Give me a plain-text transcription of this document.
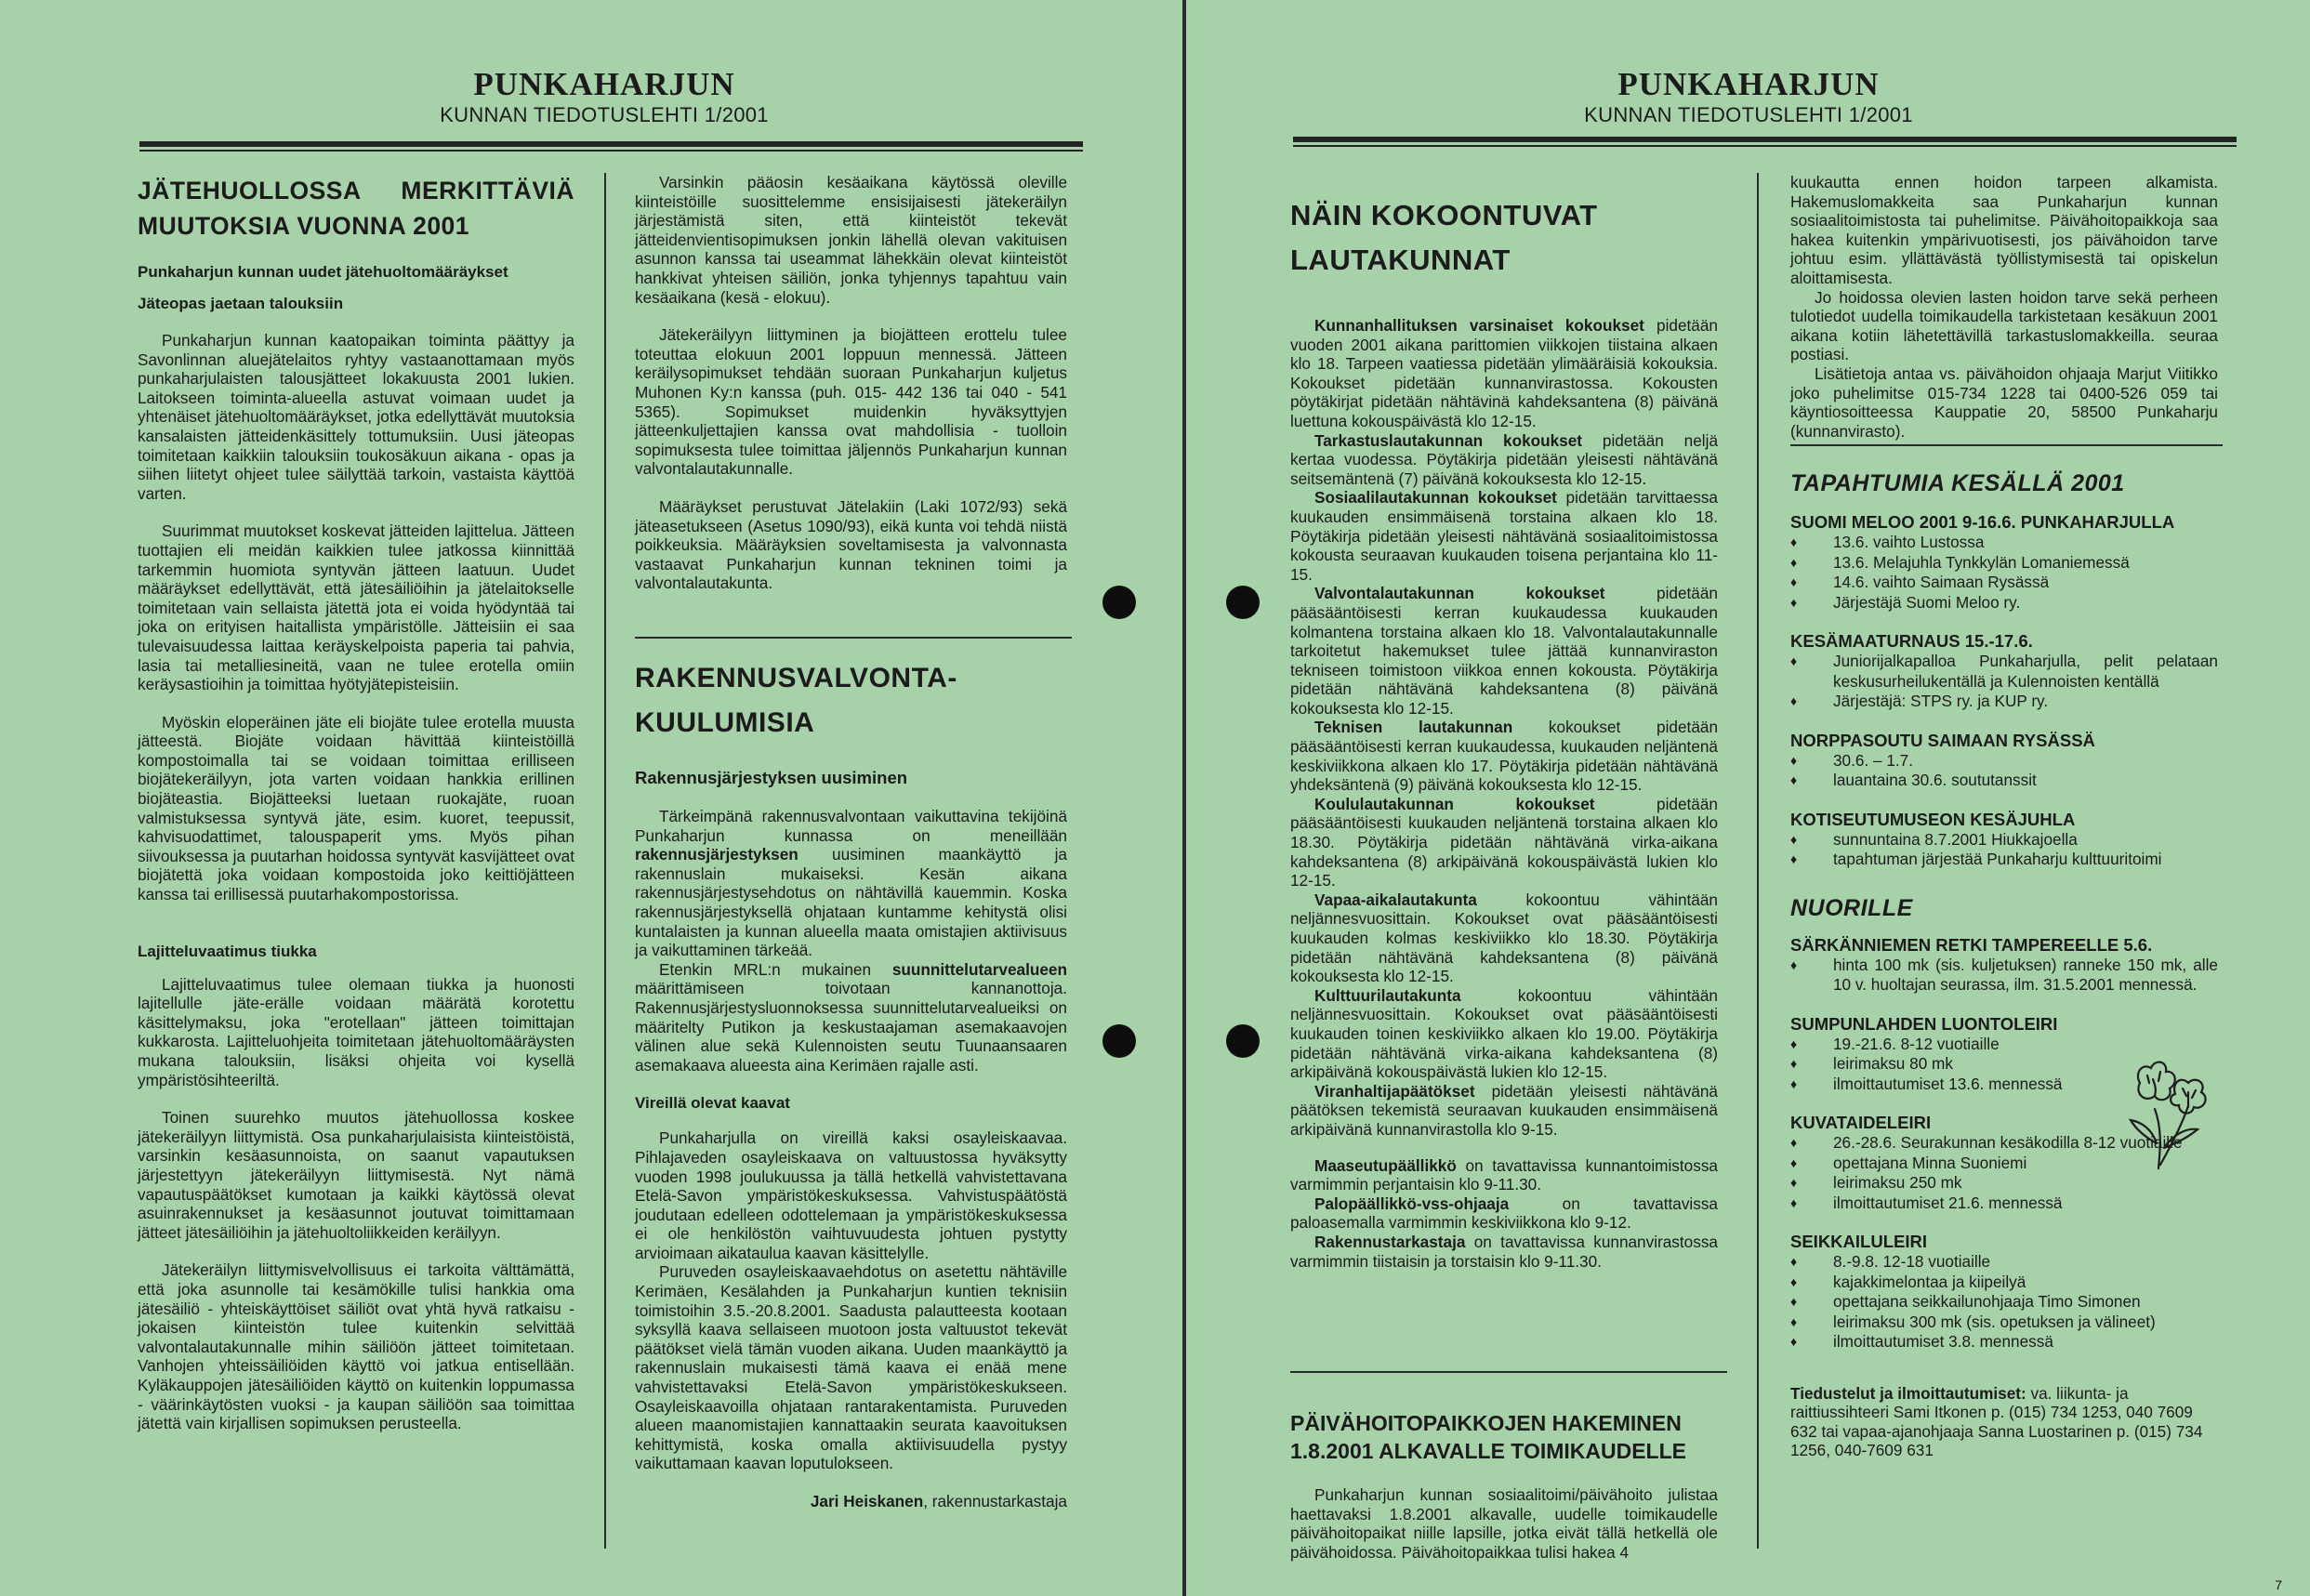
PUNKAHARJUN
KUNNAN TIEDOTUSLEHTI 1/2001
JÄTEHUOLLOSSA MERKITTÄVIÄ MUUTOKSIA VUONNA 2001

Punkaharjun kunnan uudet jätehuoltomääräykset

Jäteopas jaetaan talouksiin

Punkaharjun kunnan kaatopaikan toiminta päättyy ja Savonlinnan aluejätelaitos ryhtyy vastaanottamaan myös punkaharjulaisten talousjätteet lokakuusta 2001 lukien. Laitokseen toiminta-alueella astuvat voimaan uudet ja yhtenäiset jätehuoltomääräykset, jotka edellyttävät muutoksia kansalaisten jätteidenkäsittely tottumuksiin. Uusi jäteopas toimitetaan kaikkiin talouksiin toukosäkuun aikana - opas ja siihen liitetyt ohjeet tulee säilyttää tarkoin, vastaista käyttöä varten.

Suurimmat muutokset koskevat jätteiden lajittelua. Jätteen tuottajien eli meidän kaikkien tulee jatkossa kiinnittää tarkemmin huomiota syntyvän jätteen laatuun. Uudet määräykset edellyttävät, että jätesäiliöihin ja jätelaitokselle toimitetaan vain sellaista jätettä jota ei voida hyödyntää tai joka on erityisen haitallista ympäristölle. Jätteisiin ei saa tulevaisuudessa laittaa keräyskelpoista paperia tai pahvia, lasia tai metalliesineitä, vaan ne tulee erotella omiin keräysastioihin ja toimittaa hyötyjätepisteisiin.

Myöskin eloperäinen jäte eli biojäte tulee erotella muusta jätteestä. Biojäte voidaan hävittää kiinteistöillä kompostoimalla tai se voidaan toimittaa erilliseen biojätekeräilyyn, jota varten voidaan hankkia erillinen biojäteastia. Biojätteeksi luetaan ruokajäte, ruoan valmistuksessa syntyvä jäte, esim. kuoret, teepussit, kahvisuodattimet, talouspaperit yms. Myös pihan siivouksessa ja puutarhan hoidossa syntyvät kasvijätteet ovat biojätettä joka voidaan kompostoida joko keittiöjätteen kanssa tai erillisessä puutarhakompostorissa.

Lajitteluvaatimus tiukka

Lajitteluvaatimus tulee olemaan tiukka ja huonosti lajitellulle jäte-erälle voidaan määrätä korotettu käsittelymaksu, joka "erotellaan" jätteen toimittajan kukkarosta. Lajitteluohjeita toimitetaan jätehuoltomääräysten mukana talouksiin, lisäksi ohjeita voi kysellä ympäristösihteeriltä.

Toinen suurehko muutos jätehuollossa koskee jätekeräilyyn liittymistä. Osa punkaharjulaisista kiinteistöistä, varsinkin kesäasunnoista, on saanut vapautuksen järjestettyyn jätekeräilyyn liittymisestä. Nyt nämä vapautuspäätökset kumotaan ja kaikki käytössä olevat asuinrakennukset ja kesäasunnot joutuvat toimittamaan jätteet jätesäiliöihin ja jätehuoltoliikkeiden keräilyyn.

Jätekeräilyn liittymisvelvollisuus ei tarkoita välttämättä, että joka asunnolle tai kesämökille tulisi hankkia oma jätesäiliö - yhteiskäyttöiset säiliöt ovat yhtä hyvä ratkaisu - jokaisen kiinteistön tulee kuitenkin selvittää valvontalautakunnalle mihin säiliöön jätteet toimitetaan. Vanhojen yhteissäiliöiden käyttö voi jatkua entisellään. Kyläkauppojen jätesäiliöiden käyttö on kuitenkin loppumassa - väärinkäytösten vuoksi - ja kaupan säiliöön saa toimittaa jätettä vain kirjallisen sopimuksen perusteella.

Varsinkin pääosin kesäaikana käytössä oleville kiinteistöille suosittelemme ensisijaisesti jätekeräilyn järjestämistä siten, että kiinteistöt tekevät jätteidenvientisopimuksen jonkin lähellä olevan vakituisen asunnon kanssa tai useammat lähekkäin olevat kiinteistöt hankkivat yhteisen säiliön, jonka tyhjennys tapahtuu vain kesäaikana (kesä - elokuu).

Jätekeräilyyn liittyminen ja biojätteen erottelu tulee toteuttaa elokuun 2001 loppuun mennessä. Jätteen keräilysopimukset tehdään suoraan Punkaharjun kuljetus Muhonen Ky:n kanssa (puh. 015- 442 136 tai 040 - 541 5365). Sopimukset muidenkin hyväksyttyjen jätteenkuljettajien kanssa ovat mahdollisia - tuolloin sopimuksesta tulee toimittaa jäljennös Punkaharjun kunnan valvontalautakunnalle.

Määräykset perustuvat Jätelakiin (Laki 1072/93) sekä jäteasetukseen (Asetus 1090/93), eikä kunta voi tehdä niistä poikkeuksia. Määräyksien soveltamisesta ja valvonnasta vastaavat Punkaharjun kunnan tekninen toimi ja valvontalautakunta.

RAKENNUSVALVONTA-KUULUMISIA

Rakennusjärjestyksen uusiminen

Tärkeimpänä rakennusvalvontaan vaikuttavina tekijöinä Punkaharjun kunnassa on meneillään rakennusjärjestyksen uusiminen maankäyttö ja rakennuslain mukaiseksi. Kesän aikana rakennusjärjestysehdotus on nähtävillä kauemmin. Koska rakennusjärjestyksellä ohjataan kuntamme kehitystä olisi kuntalaisten ja kunnan alueella maata omistajien aktiivisuus ja vaikuttaminen tärkeää.

Etenkin MRL:n mukainen suunnittelutarvealueen määrittämiseen toivotaan kannanottoja. Rakennusjärjestysluonnoksessa suunnittelutarvealueiksi on määritelty Putikon ja keskustaajaman asemakaavojen välinen alue sekä Kulennoisten seutu Tuunaansaaren asemakaava alueesta aina Kerimäen rajalle asti.

Vireillä olevat kaavat

Punkaharjulla on vireillä kaksi osayleiskaavaa. Pihlajaveden osayleiskaava on valtuustossa hyväksytty vuoden 1998 joulukuussa ja tällä hetkellä vahvistettavana Etelä-Savon ympäristökeskuksessa. Vahvistuspäätöstä joudutaan edelleen odottelemaan ja ympäristökeskuksessa ei ole henkilöstön vaihtuvuudesta johtuen pystytty arvioimaan aikataulua kaavan käsittelylle.

Puruveden osayleiskaavaehdotus on asetettu nähtäville Kerimäen, Kesälahden ja Punkaharjun kuntien teknisiin toimistoihin 3.5.-20.8.2001. Saadusta palautteesta kootaan syksyllä kaava sellaiseen muotoon josta valtuustot tekevät päätökset vielä tämän vuoden aikana. Uuden maankäyttö ja rakennuslain mukaisesti tämä kaava ei enää mene vahvistettavaksi Etelä-Savon ympäristökeskukseen. Osayleiskaavoilla ohjataan rantarakentamista. Puruveden alueen maanomistajien kannattaakin seurata kaavoituksen kehittymistä, koska omalla aktiivisuudella pystyy vaikuttamaan kaavan loputulokseen.

Jari Heiskanen, rakennustarkastaja

PUNKAHARJUN
KUNNAN TIEDOTUSLEHTI 1/2001
NÄIN KOKOONTUVAT LAUTAKUNNAT

Kunnanhallituksen varsinaiset kokoukset pidetään vuoden 2001 aikana parittomien viikkojen tiistaina alkaen klo 18. Tarpeen vaatiessa pidetään ylimääräisiä kokouksia. Kokoukset pidetään kunnanvirastossa. Kokousten pöytäkirjat pidetään nähtävinä kahdeksantena (8) päivänä luettuna kokouspäivästä klo 12-15.

Tarkastuslautakunnan kokoukset pidetään neljä kertaa vuodessa. Pöytäkirja pidetään yleisesti nähtävänä seitsemäntenä (7) päivänä kokouksesta klo 12-15.

Sosiaalilautakunnan kokoukset pidetään tarvittaessa kuukauden ensimmäisenä torstaina alkaen klo 18. Pöytäkirja pidetään yleisesti nähtävänä sosiaalitoimistossa kokousta seuraavan kuukauden toisena perjantaina klo 11-15.

Valvontalautakunnan kokoukset pidetään pääsääntöisesti kerran kuukaudessa kuukauden kolmantena torstaina alkaen klo 18. Valvontalautakunnalle tarkoitetut hakemukset tulee jättää kunnanviraston tekniseen toimistoon viikkoa ennen kokousta. Pöytäkirja pidetään nähtävänä kahdeksantena (8) päivänä kokouksesta klo 12-15.

Teknisen lautakunnan kokoukset pidetään pääsääntöisesti kerran kuukaudessa, kuukauden neljäntenä keskiviikkona alkaen klo 17. Pöytäkirja pidetään nähtävänä yhdeksäntenä (9) päivänä kokouksesta klo 12-15.

Koululautakunnan kokoukset pidetään pääsääntöisesti kuukauden neljäntenä torstaina alkaen klo 18.30. Pöytäkirja pidetään nähtävänä virka-aikana kahdeksantena (8) arkipäivänä kokouspäivästä lukien klo 12-15.

Vapaa-aikalautakunta kokoontuu vähintään neljännesvuosittain. Kokoukset ovat pääsääntöisesti kuukauden kolmas keskiviikko klo 18.30. Pöytäkirja pidetään nähtävänä kahdeksantena (8) päivänä kokouksesta klo 12-15.

Kulttuurilautakunta kokoontuu vähintään neljännesvuosittain. Kokoukset ovat pääsääntöisesti kuukauden toinen keskiviikko alkaen klo 19.00. Pöytäkirja pidetään nähtävänä virka-aikana kahdeksantena (8) arkipäivänä kokouspäivästä lukien klo 12-15.

Viranhaltijapäätökset pidetään yleisesti nähtävänä päätöksen tekemistä seuraavan kuukauden ensimmäisenä arkipäivänä kunnanvirastolla klo 9-15.

Maaseutupäällikkö on tavattavissa kunnantoimistossa varmimmin perjantaisin klo 9-11.30.

Palopäällikkö-vss-ohjaaja on tavattavissa paloasemalla varmimmin keskiviikkona klo 9-12.

Rakennustarkastaja on tavattavissa kunnanvirastossa varmimmin tiistaisin ja torstaisin klo 9-11.30.

PÄIVÄHOITOPAIKKOJEN HAKEMINEN 1.8.2001 ALKAVALLE TOIMIKAUDELLE

Punkaharjun kunnan sosiaalitoimi/päivähoito julistaa haettavaksi 1.8.2001 alkavalle, uudelle toimikaudelle päivähoitopaikat niille lapsille, jotka eivät tällä hetkellä ole päivähoidossa. Päivähoitopaikkaa tulisi hakea 4

kuukautta ennen hoidon tarpeen alkamista. Hakemuslomakkeita saa Punkaharjun kunnan sosiaalitoimistosta tai puhelimitse. Päivähoitopaikkoja saa hakea kuitenkin ympärivuotisesti, jos päivähoidon tarve johtuu esim. yllättävästä työllistymisestä tai opiskelun aloittamisesta.

Jo hoidossa olevien lasten hoidon tarve sekä perheen tulotiedot uudella toimikaudella tarkistetaan kesäkuun 2001 aikana kotiin lähetettävillä tarkastuslomakkeilla. seuraa postiasi.

Lisätietoja antaa vs. päivähoidon ohjaaja Marjut Viitikko joko puhelimitse 015-734 1228 tai 0400-526 059 tai käyntiosoitteessa Kauppatie 20, 58500 Punkaharju (kunnanvirasto).

TAPAHTUMIA KESÄLLÄ 2001

SUOMI MELOO 2001 9-16.6. PUNKAHARJULLA

♦ 13.6. vaihto Lustossa
♦ 13.6. Melajuhla Tynkkylän Lomaniemessä
♦ 14.6. vaihto Saimaan Rysässä
♦ Järjestäjä Suomi Meloo ry.

KESÄMAATURNAUS 15.-17.6.

♦ Juniorijalkapalloa Punkaharjulla, pelit pelataan keskusurheilukentällä ja Kulennoisten kentällä
♦ Järjestäjä: STPS ry. ja KUP ry.

NORPPASOUTU SAIMAAN RYSÄSSÄ

♦ 30.6. – 1.7.
♦ lauantaina 30.6. soututanssit

KOTISEUTUMUSEON KESÄJUHLA

♦ sunnuntaina 8.7.2001 Hiukkajoella
♦ tapahtuman järjestää Punkaharju kulttuuritoimi
NUORILLE

SÄRKÄNNIEMEN RETKI TAMPEREELLE 5.6.

♦ hinta 100 mk (sis. kuljetuksen) ranneke 150 mk, alle 10 v. huoltajan seurassa, ilm. 31.5.2001 mennessä.

SUMPUNLAHDEN LUONTOLEIRI

♦ 19.-21.6. 8-12 vuotiaille
♦ leirimaksu 80 mk
♦ ilmoittautumiset 13.6. mennessä

KUVATAIDELEIRI

♦ 26.-28.6. Seurakunnan kesäkodilla 8-12 vuotiaille
♦ opettajana Minna Suoniemi
♦ leirimaksu 250 mk
♦ ilmoittautumiset 21.6. mennessä

SEIKKAILULEIRI

♦ 8.-9.8. 12-18 vuotiaille
♦ kajakkimelontaa ja kiipeilyä
♦ opettajana seikkailunohjaaja Timo Simonen
♦ leirimaksu 300 mk (sis. opetuksen ja välineet)
♦ ilmoittautumiset 3.8. mennessä

Tiedustelut ja ilmoittautumiset: va. liikunta- ja raittiussihteeri Sami Itkonen p. (015) 734 1253, 040 7609 632 tai vapaa-ajanohjaaja Sanna Luostarinen p. (015) 734 1256, 040-7609 631

7
